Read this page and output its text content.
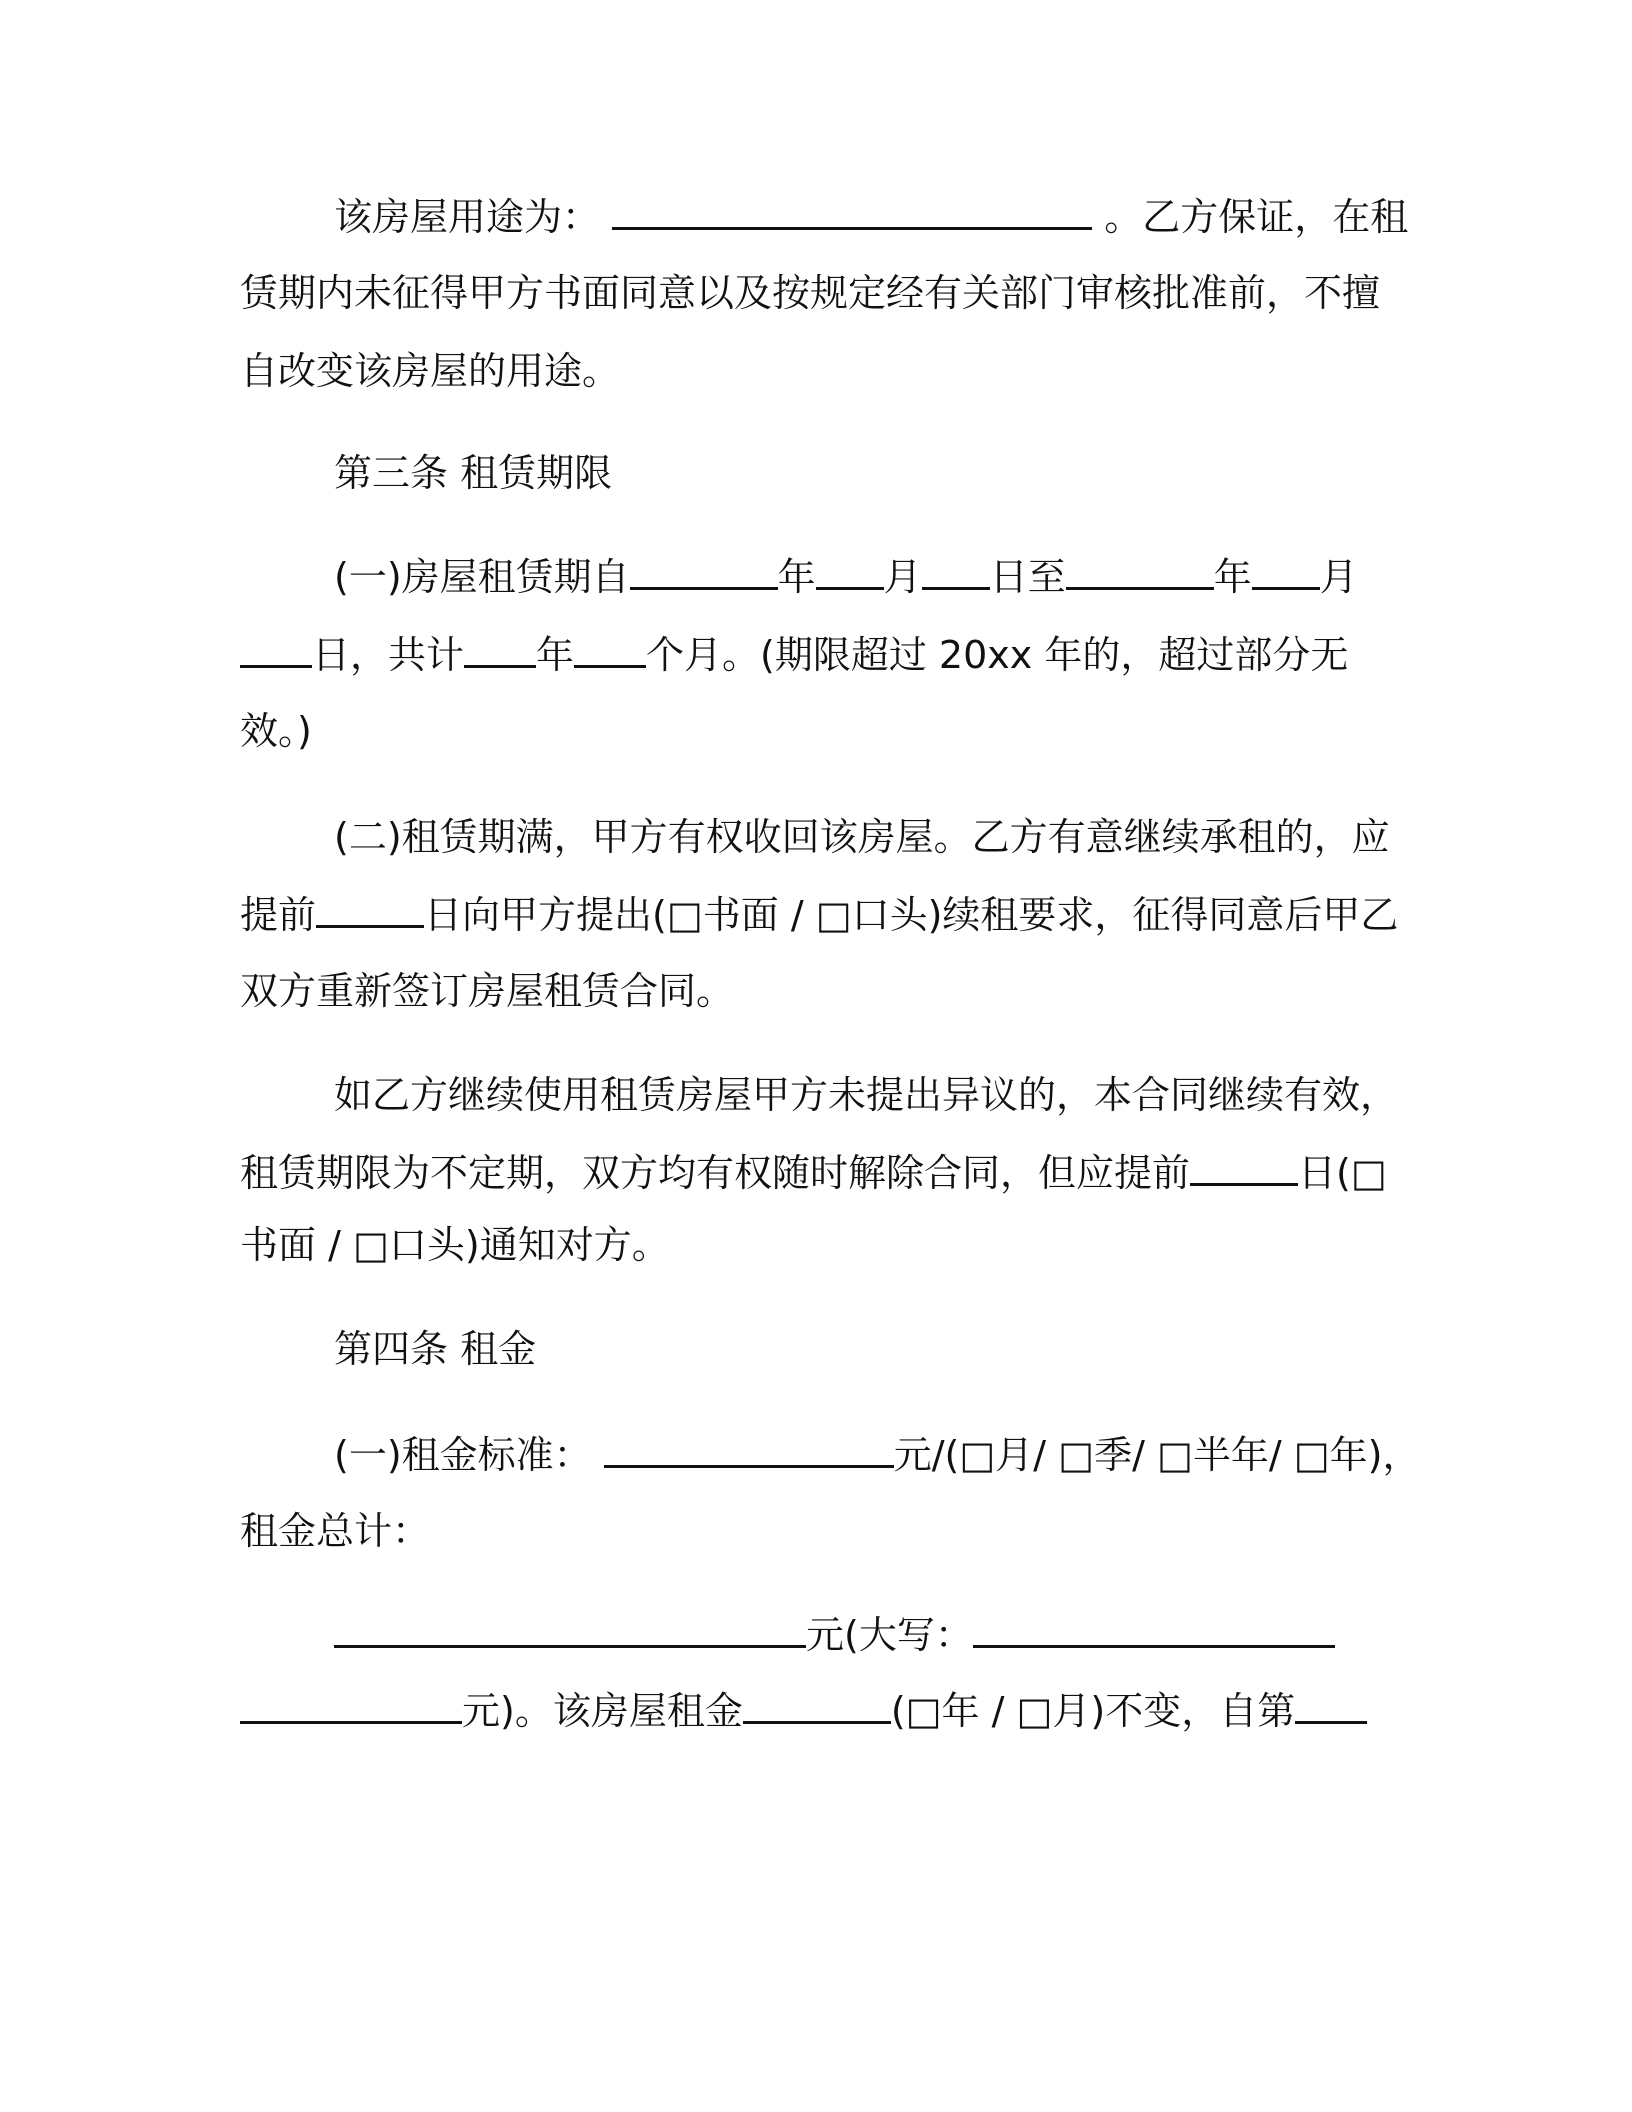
该房屋用途为：	。乙方保证，在租
赁期内未征得甲方书面同意以及按规定经有关部门审核批准前，不擅
自改变该房屋的用途。
第三条 租赁期限
(一)房屋租赁期自	年 月 日至	年 月
日，共计 年 个月。(期限超过 20xx 年的，超过部分无
效。)
(二)租赁期满，甲方有权收回该房屋。乙方有意继续承租的，应
提前	日向甲方提出(□书面 / □口头)续租要求，征得同意后甲乙
双方重新签订房屋租赁合同。
如乙方继续使用租赁房屋甲方未提出异议的，本合同继续有效，
租赁期限为不定期，双方均有权随时解除合同，但应提前	日(□
书面 / □口头)通知对方。
第四条 租金
(一)租金标准：	元/(□月/ □季/ □半年/ □年)，
租金总计：
元(大写：
元)。该房屋租金	(□年 / □月)不变，自第
